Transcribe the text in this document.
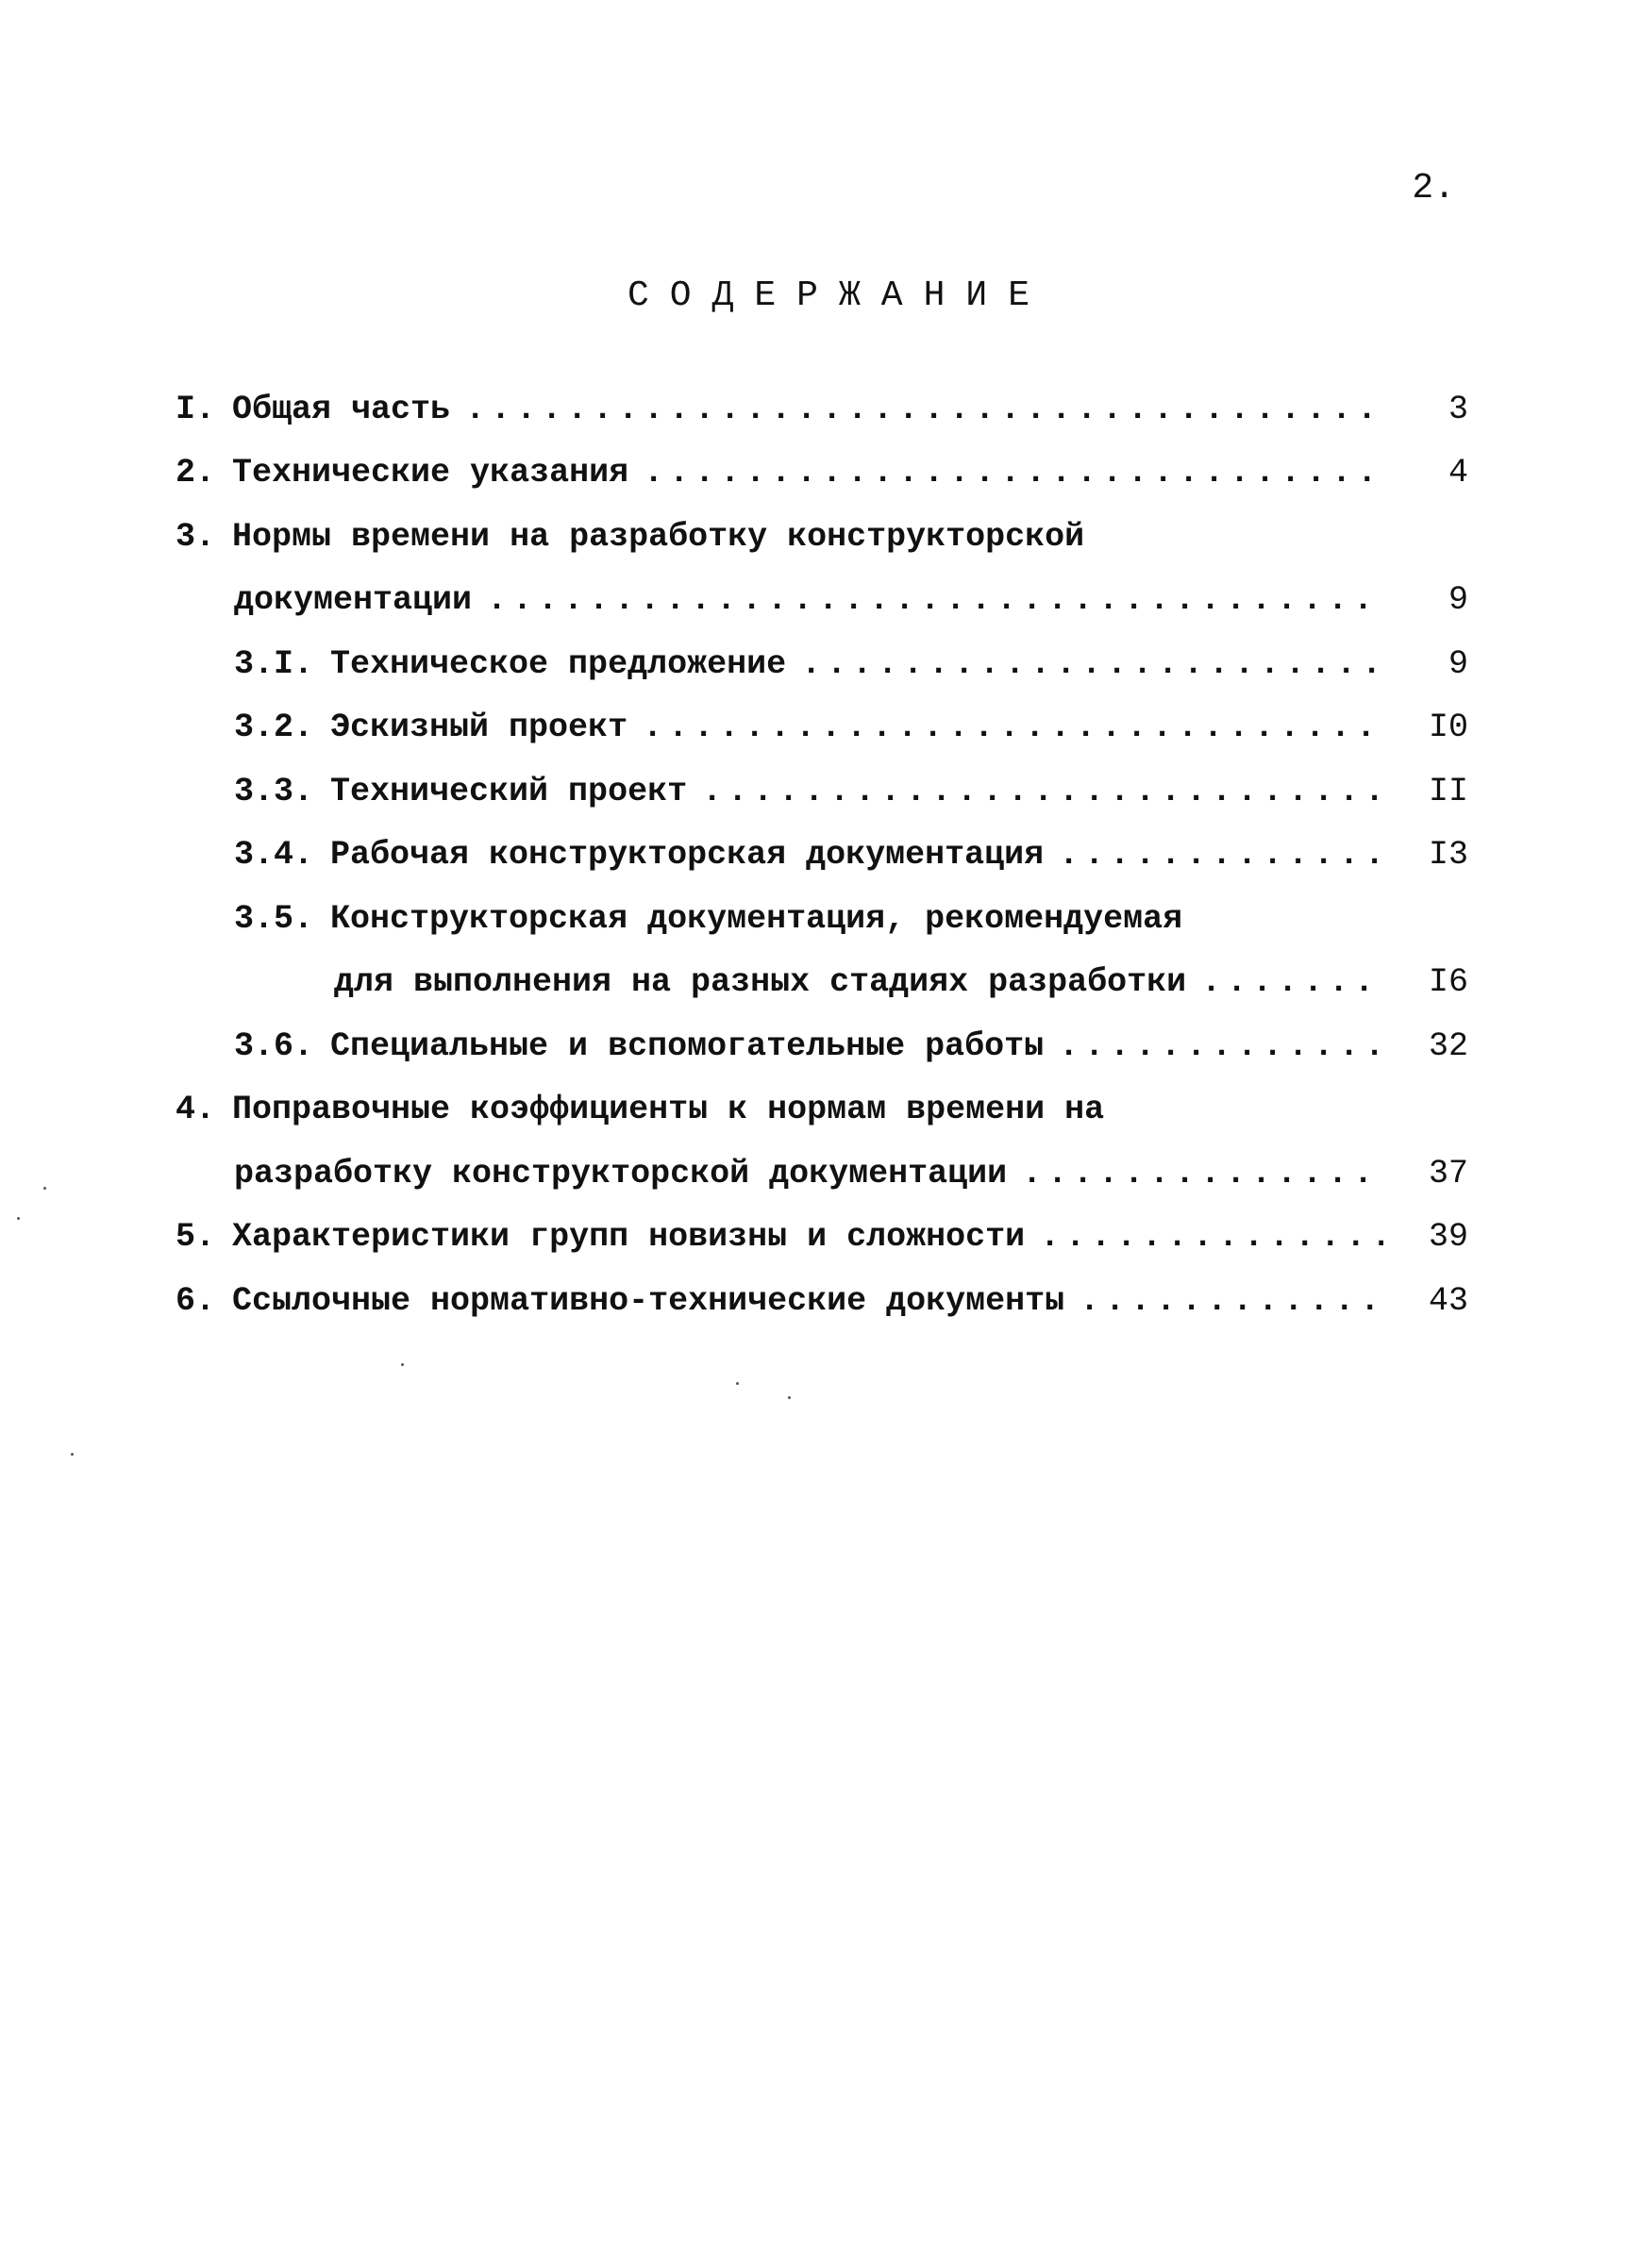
2.
СОДЕРЖАНИЕ
I. Общая часть .....	3
2. Технические указания .....	4
3. Нормы времени на разработку конструкторской
документации .....	9
3.I. Техническое предложение .....	9
3.2. Эскизный проект .....	I0
3.3. Технический проект .....	II
3.4. Рабочая конструкторская документация .....	I3
3.5. Конструкторская документация, рекомендуемая
для выполнения на разных стадиях разработки .....	I6
3.6. Специальные и вспомогательные работы .....	32
4. Поправочные коэффициенты к нормам времени на
разработку конструкторской документации .....	37
5. Характеристики групп новизны и сложности .....	39
6. Ссылочные нормативно-технические документы .....	43
